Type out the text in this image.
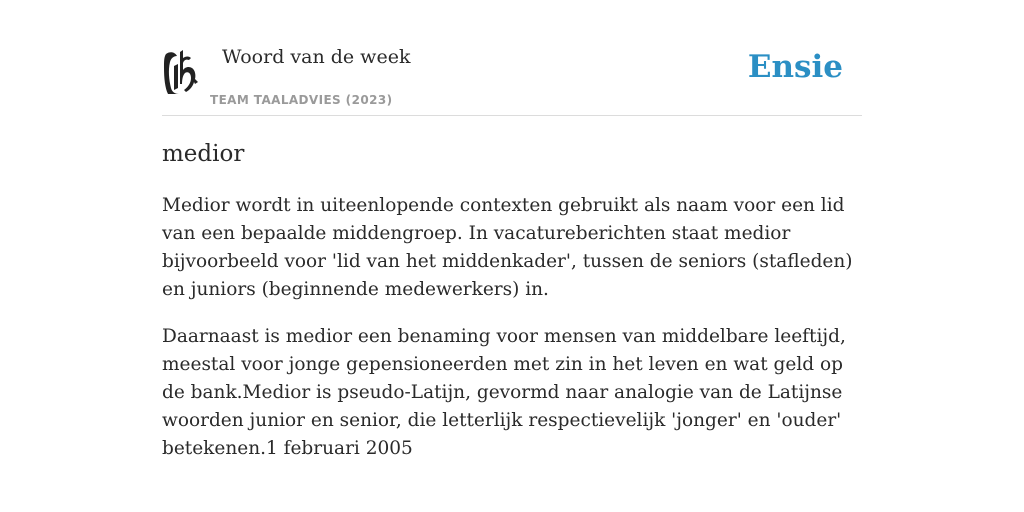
Woord van de week
TEAM TAALADVIES (2023)
Ensie
medior

Medior wordt in uiteenlopende contexten gebruikt als naam voor een lid van een bepaalde middengroep. In vacatureberichten staat medior bijvoorbeeld voor 'lid van het middenkader', tussen de seniors (stafleden) en juniors (beginnende medewerkers) in.

Daarnaast is medior een benaming voor mensen van middelbare leeftijd, meestal voor jonge gepensioneerden met zin in het leven en wat geld op de bank.Medior is pseudo-Latijn, gevormd naar analogie van de Latijnse woorden junior en senior, die letterlijk respectievelijk 'jonger' en 'ouder' betekenen.1 februari 2005
